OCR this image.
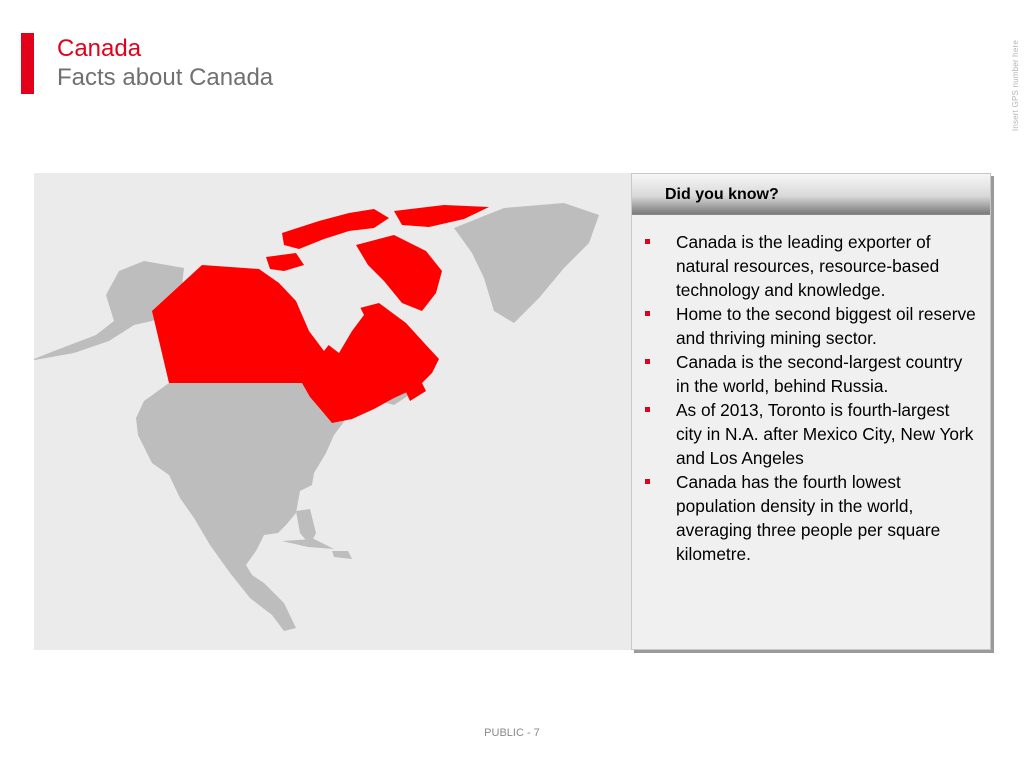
Canada
Facts about Canada	Insert GPS number here
Did you know?
Canada is the leading exporter of natural resources, resource-based technology and knowledge.
Home to the second biggest oil reserve and thriving mining sector.
Canada is the second-largest country in the world, behind Russia.
As of 2013, Toronto is fourth-largest city in N.A. after Mexico City, New York and Los Angeles
Canada has the fourth lowest population density in the world, averaging three people per square kilometre.
PUBLIC - 7
